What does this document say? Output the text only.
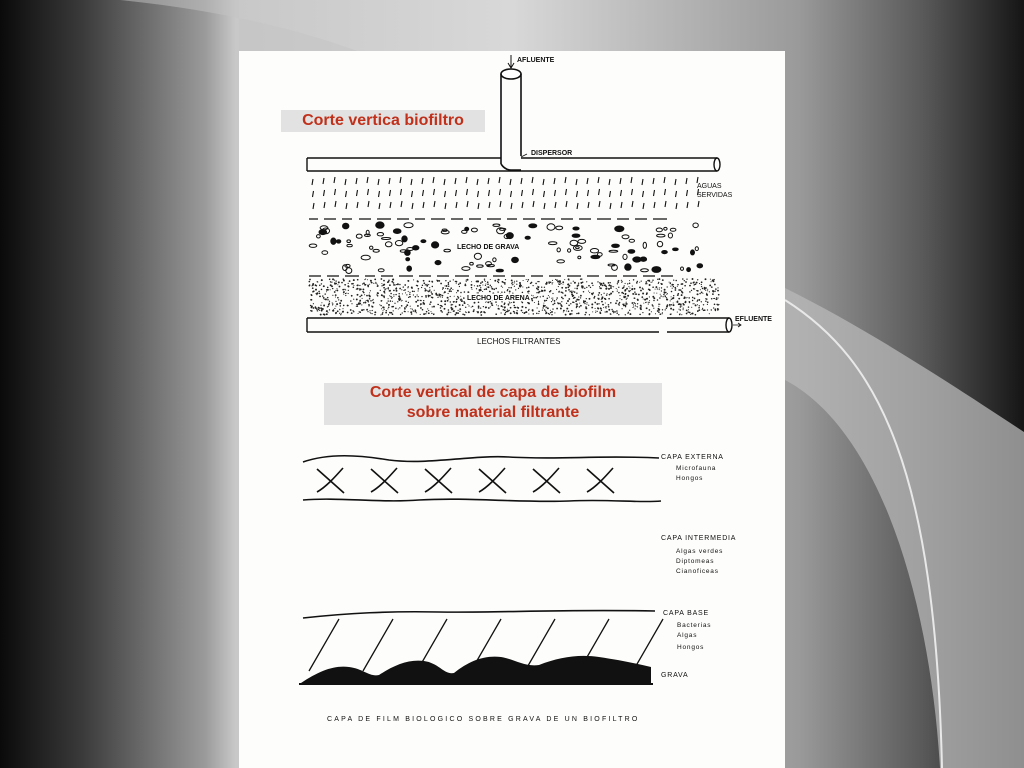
AFLUENTE
DISPERSOR
AGUAS
SERVIDAS
LECHO DE GRAVA
LECHO DE ARENA
EFLUENTE
LECHOS FILTRANTES
CAPA EXTERNA
Microfauna
Hongos
CAPA INTERMEDIA
Algas verdes
Diptomeas
Cianoficeas
CAPA BASE
Bacterias
Algas
Hongos
GRAVA
CAPA DE FILM BIOLOGICO SOBRE GRAVA DE UN BIOFILTRO
Corte vertica biofiltro
Corte vertical de capa de biofilm
sobre material filtrante
